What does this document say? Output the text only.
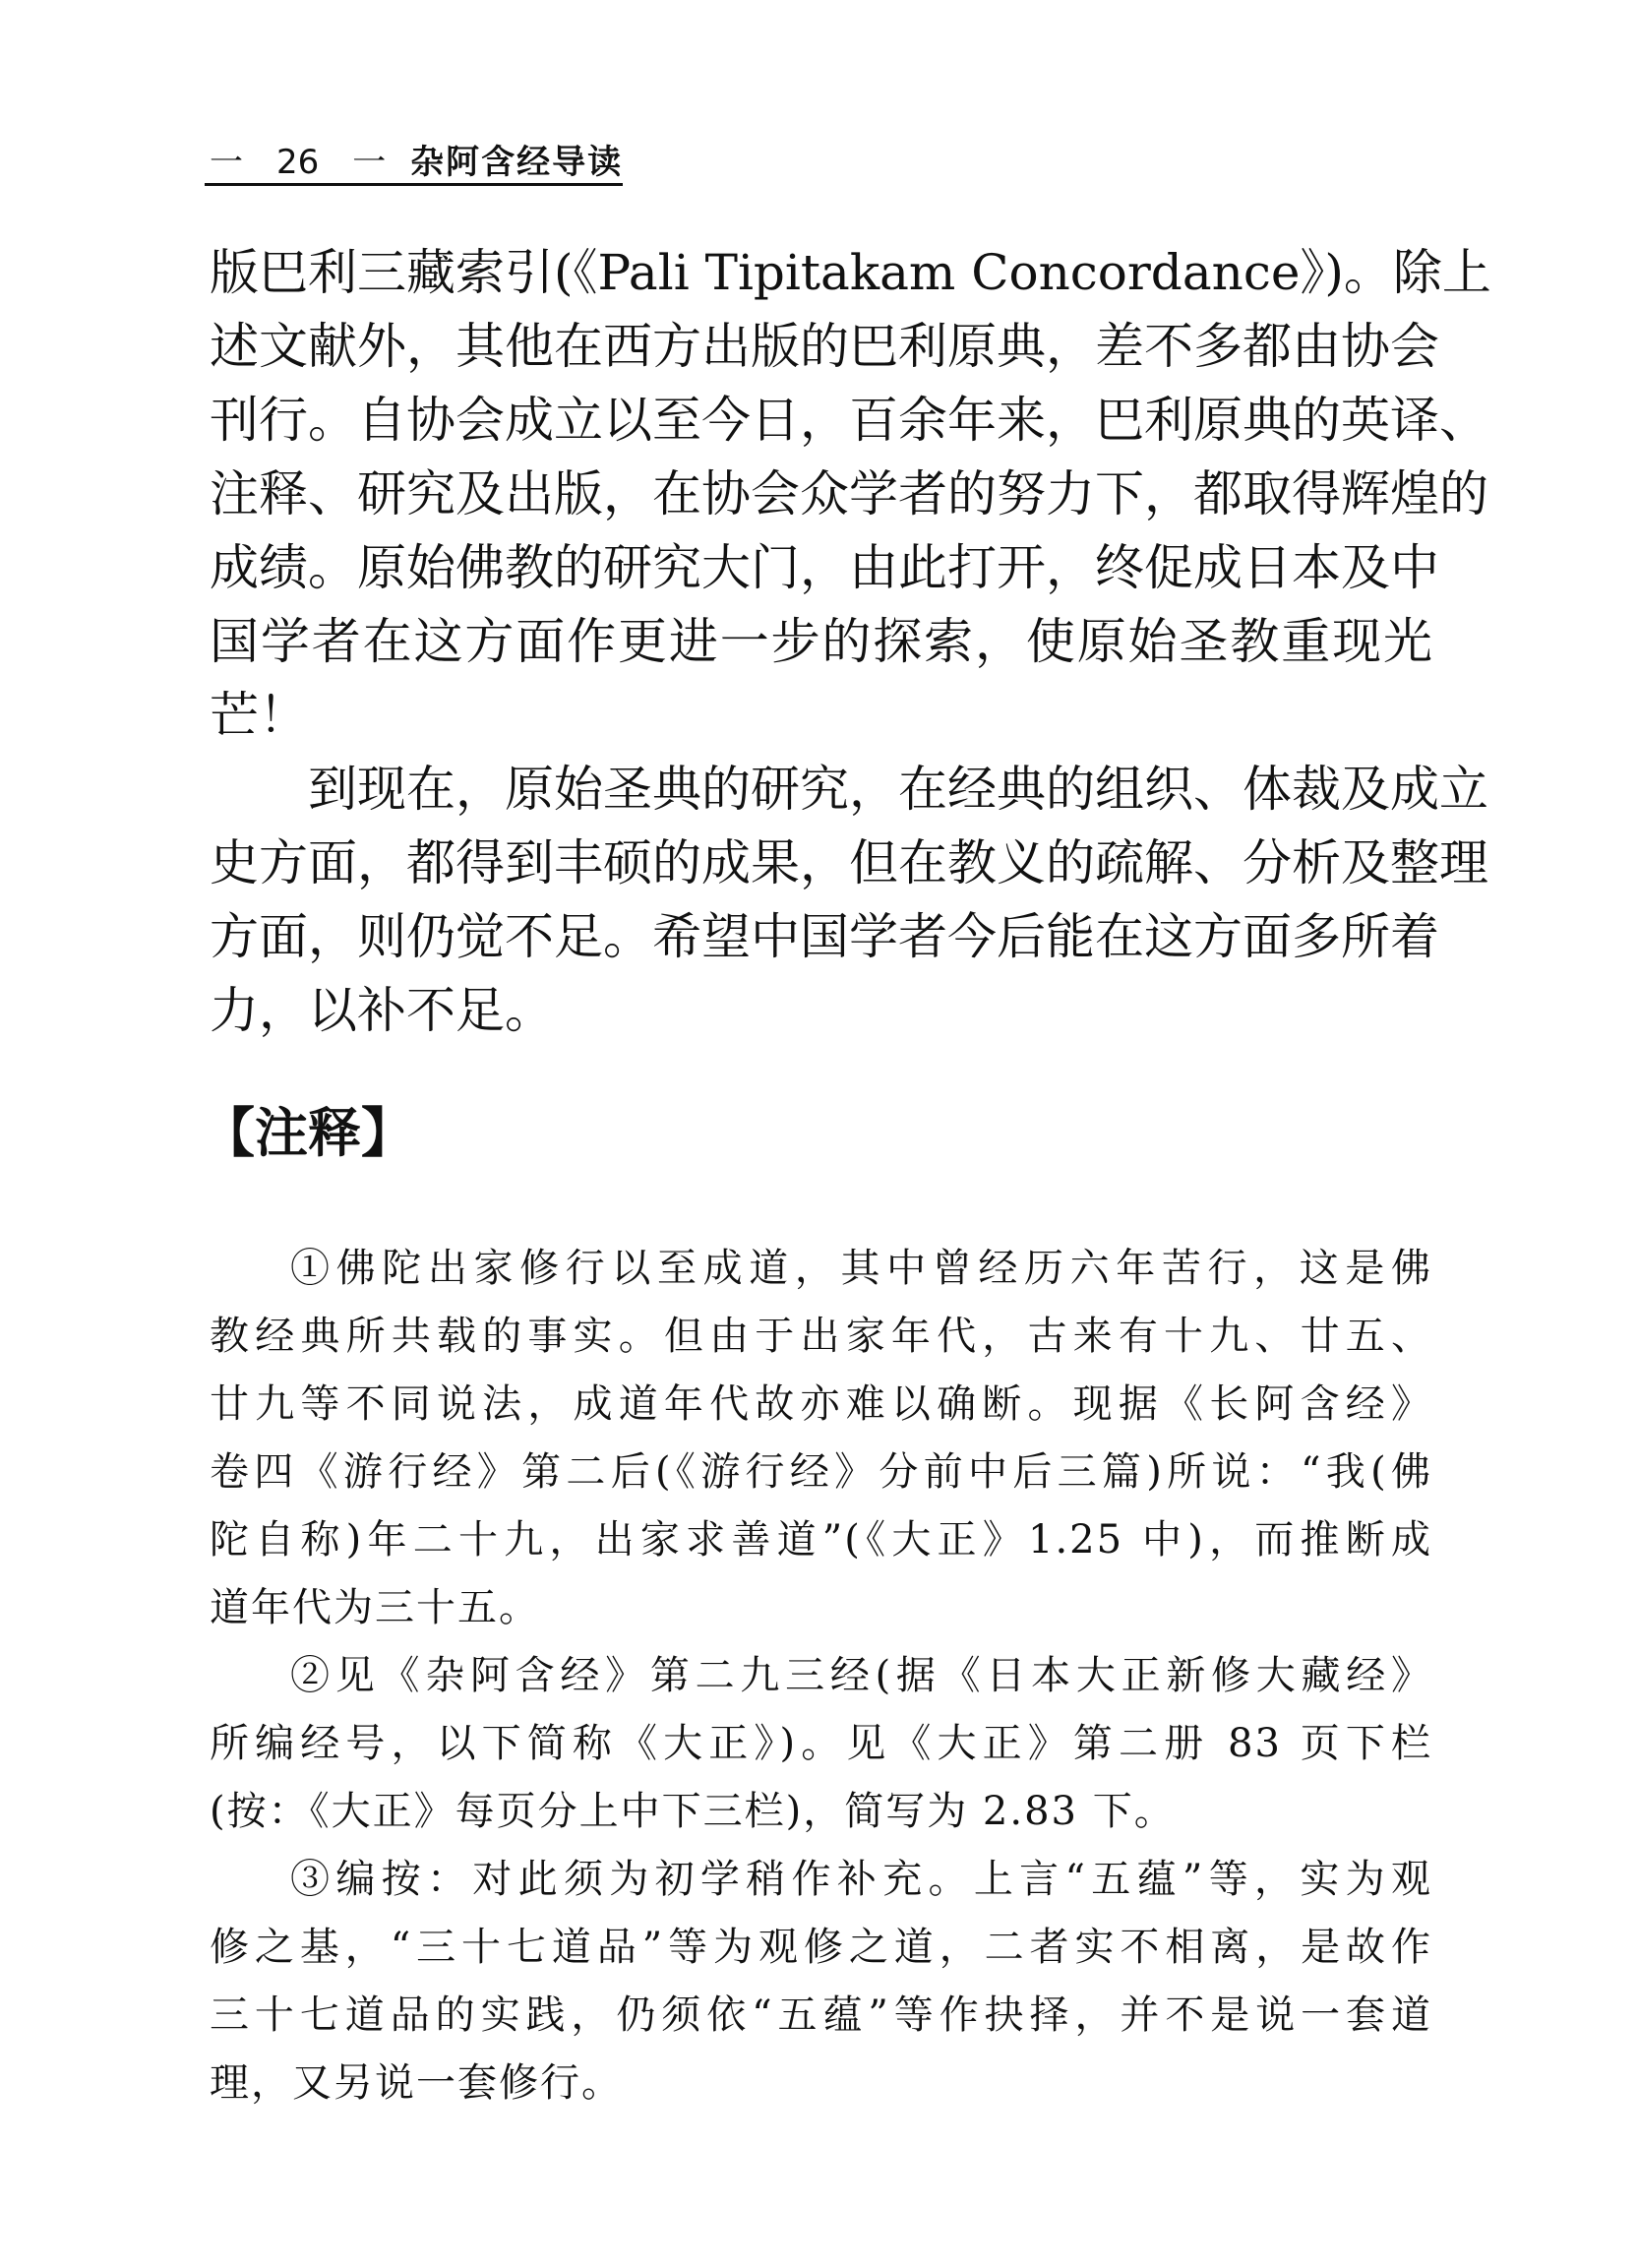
一　26　一 杂阿含经导读
版巴利三藏索引(《Pali Tipitakam Concordance》)。除上
述文献外，其他在西方出版的巴利原典，差不多都由协会
刊行。自协会成立以至今日，百余年来，巴利原典的英译、
注释、研究及出版，在协会众学者的努力下，都取得辉煌的
成绩。原始佛教的研究大门，由此打开，终促成日本及中
国学者在这方面作更进一步的探索，使原始圣教重现光
芒！
到现在，原始圣典的研究，在经典的组织、体裁及成立
史方面，都得到丰硕的成果，但在教义的疏解、分析及整理
方面，则仍觉不足。希望中国学者今后能在这方面多所着
力，以补不足。
【注释】
①佛陀出家修行以至成道，其中曾经历六年苦行，这是佛
教经典所共载的事实。但由于出家年代，古来有十九、廿五、
廿九等不同说法，成道年代故亦难以确断。现据《长阿含经》
卷四《游行经》第二后(《游行经》分前中后三篇)所说：“我(佛
陀自称)年二十九，出家求善道”(《大正》1.25 中)，而推断成
道年代为三十五。
②见《杂阿含经》第二九三经(据《日本大正新修大藏经》
所编经号，以下简称《大正》)。见《大正》第二册 83 页下栏
(按：《大正》每页分上中下三栏)，简写为 2.83 下。
③编按：对此须为初学稍作补充。上言“五蕴”等，实为观
修之基，“三十七道品”等为观修之道，二者实不相离，是故作
三十七道品的实践，仍须依“五蕴”等作抉择，并不是说一套道
理，又另说一套修行。
